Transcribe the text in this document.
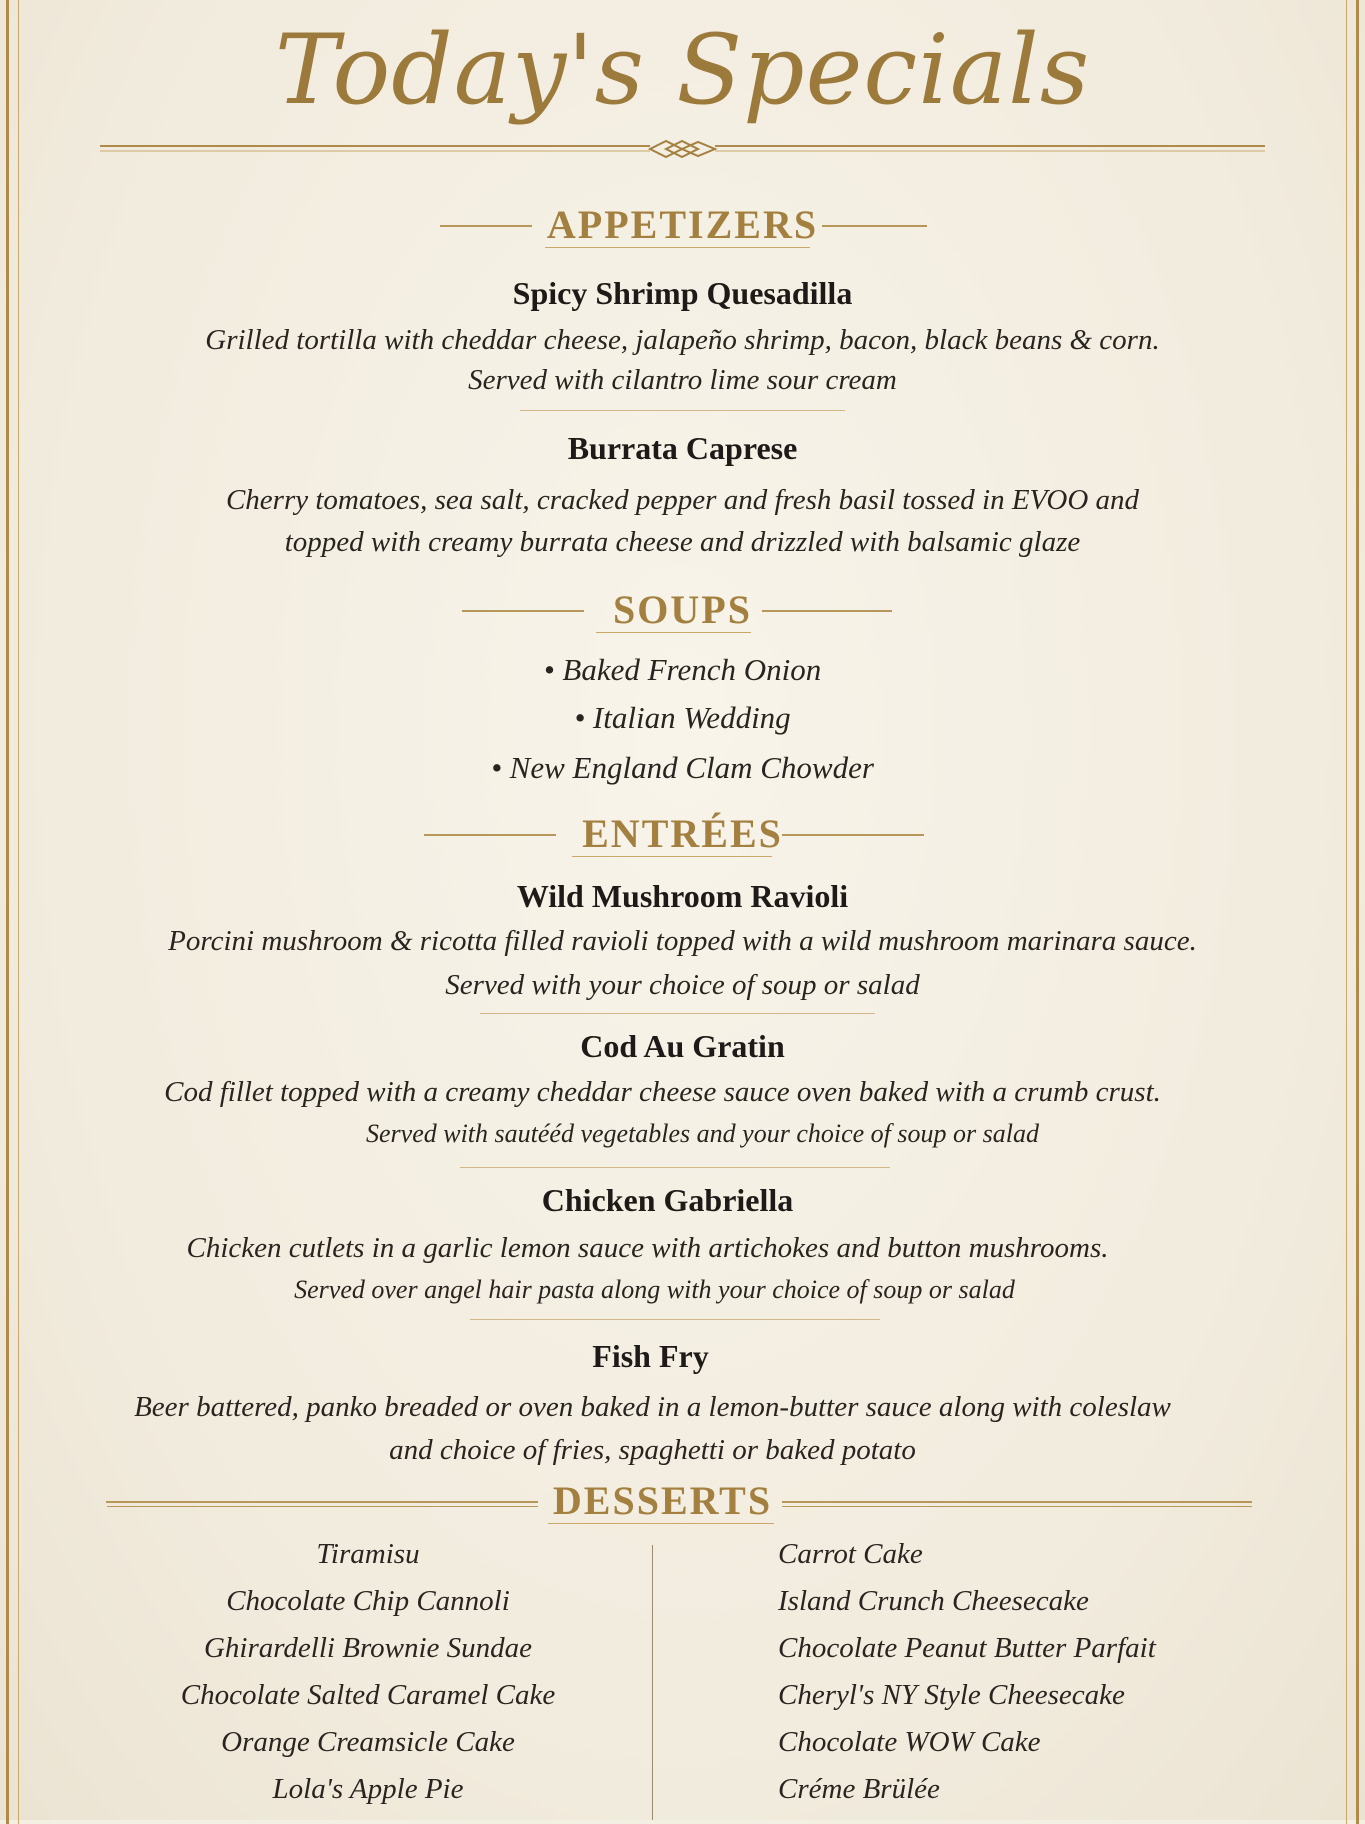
Today's Specials
APPETIZERS
Spicy Shrimp Quesadilla
Grilled tortilla with cheddar cheese, jalapeño shrimp, bacon, black beans & corn.
Served with cilantro lime sour cream
Burrata Caprese
Cherry tomatoes, sea salt, cracked pepper and fresh basil tossed in EVOO and
topped with creamy burrata cheese and drizzled with balsamic glaze
SOUPS
• Baked French Onion
• Italian Wedding
• New England Clam Chowder
ENTRÉES
Wild Mushroom Ravioli
Porcini mushroom & ricotta filled ravioli topped with a wild mushroom marinara sauce.
Served with your choice of soup or salad
Cod Au Gratin
Cod fillet topped with a creamy cheddar cheese sauce oven baked with a crumb crust.
Served with sautééd vegetables and your choice of soup or salad
Chicken Gabriella
Chicken cutlets in a garlic lemon sauce with artichokes and button mushrooms.
Served over angel hair pasta along with your choice of soup or salad
Fish Fry
Beer battered, panko breaded or oven baked in a lemon-butter sauce along with coleslaw
and choice of fries, spaghetti or baked potato
DESSERTS
Tiramisu
Chocolate Chip Cannoli
Ghirardelli Brownie Sundae
Chocolate Salted Caramel Cake
Orange Creamsicle Cake
Lola's Apple Pie
Carrot Cake
Island Crunch Cheesecake
Chocolate Peanut Butter Parfait
Cheryl's NY Style Cheesecake
Chocolate WOW Cake
Créme Brülée
